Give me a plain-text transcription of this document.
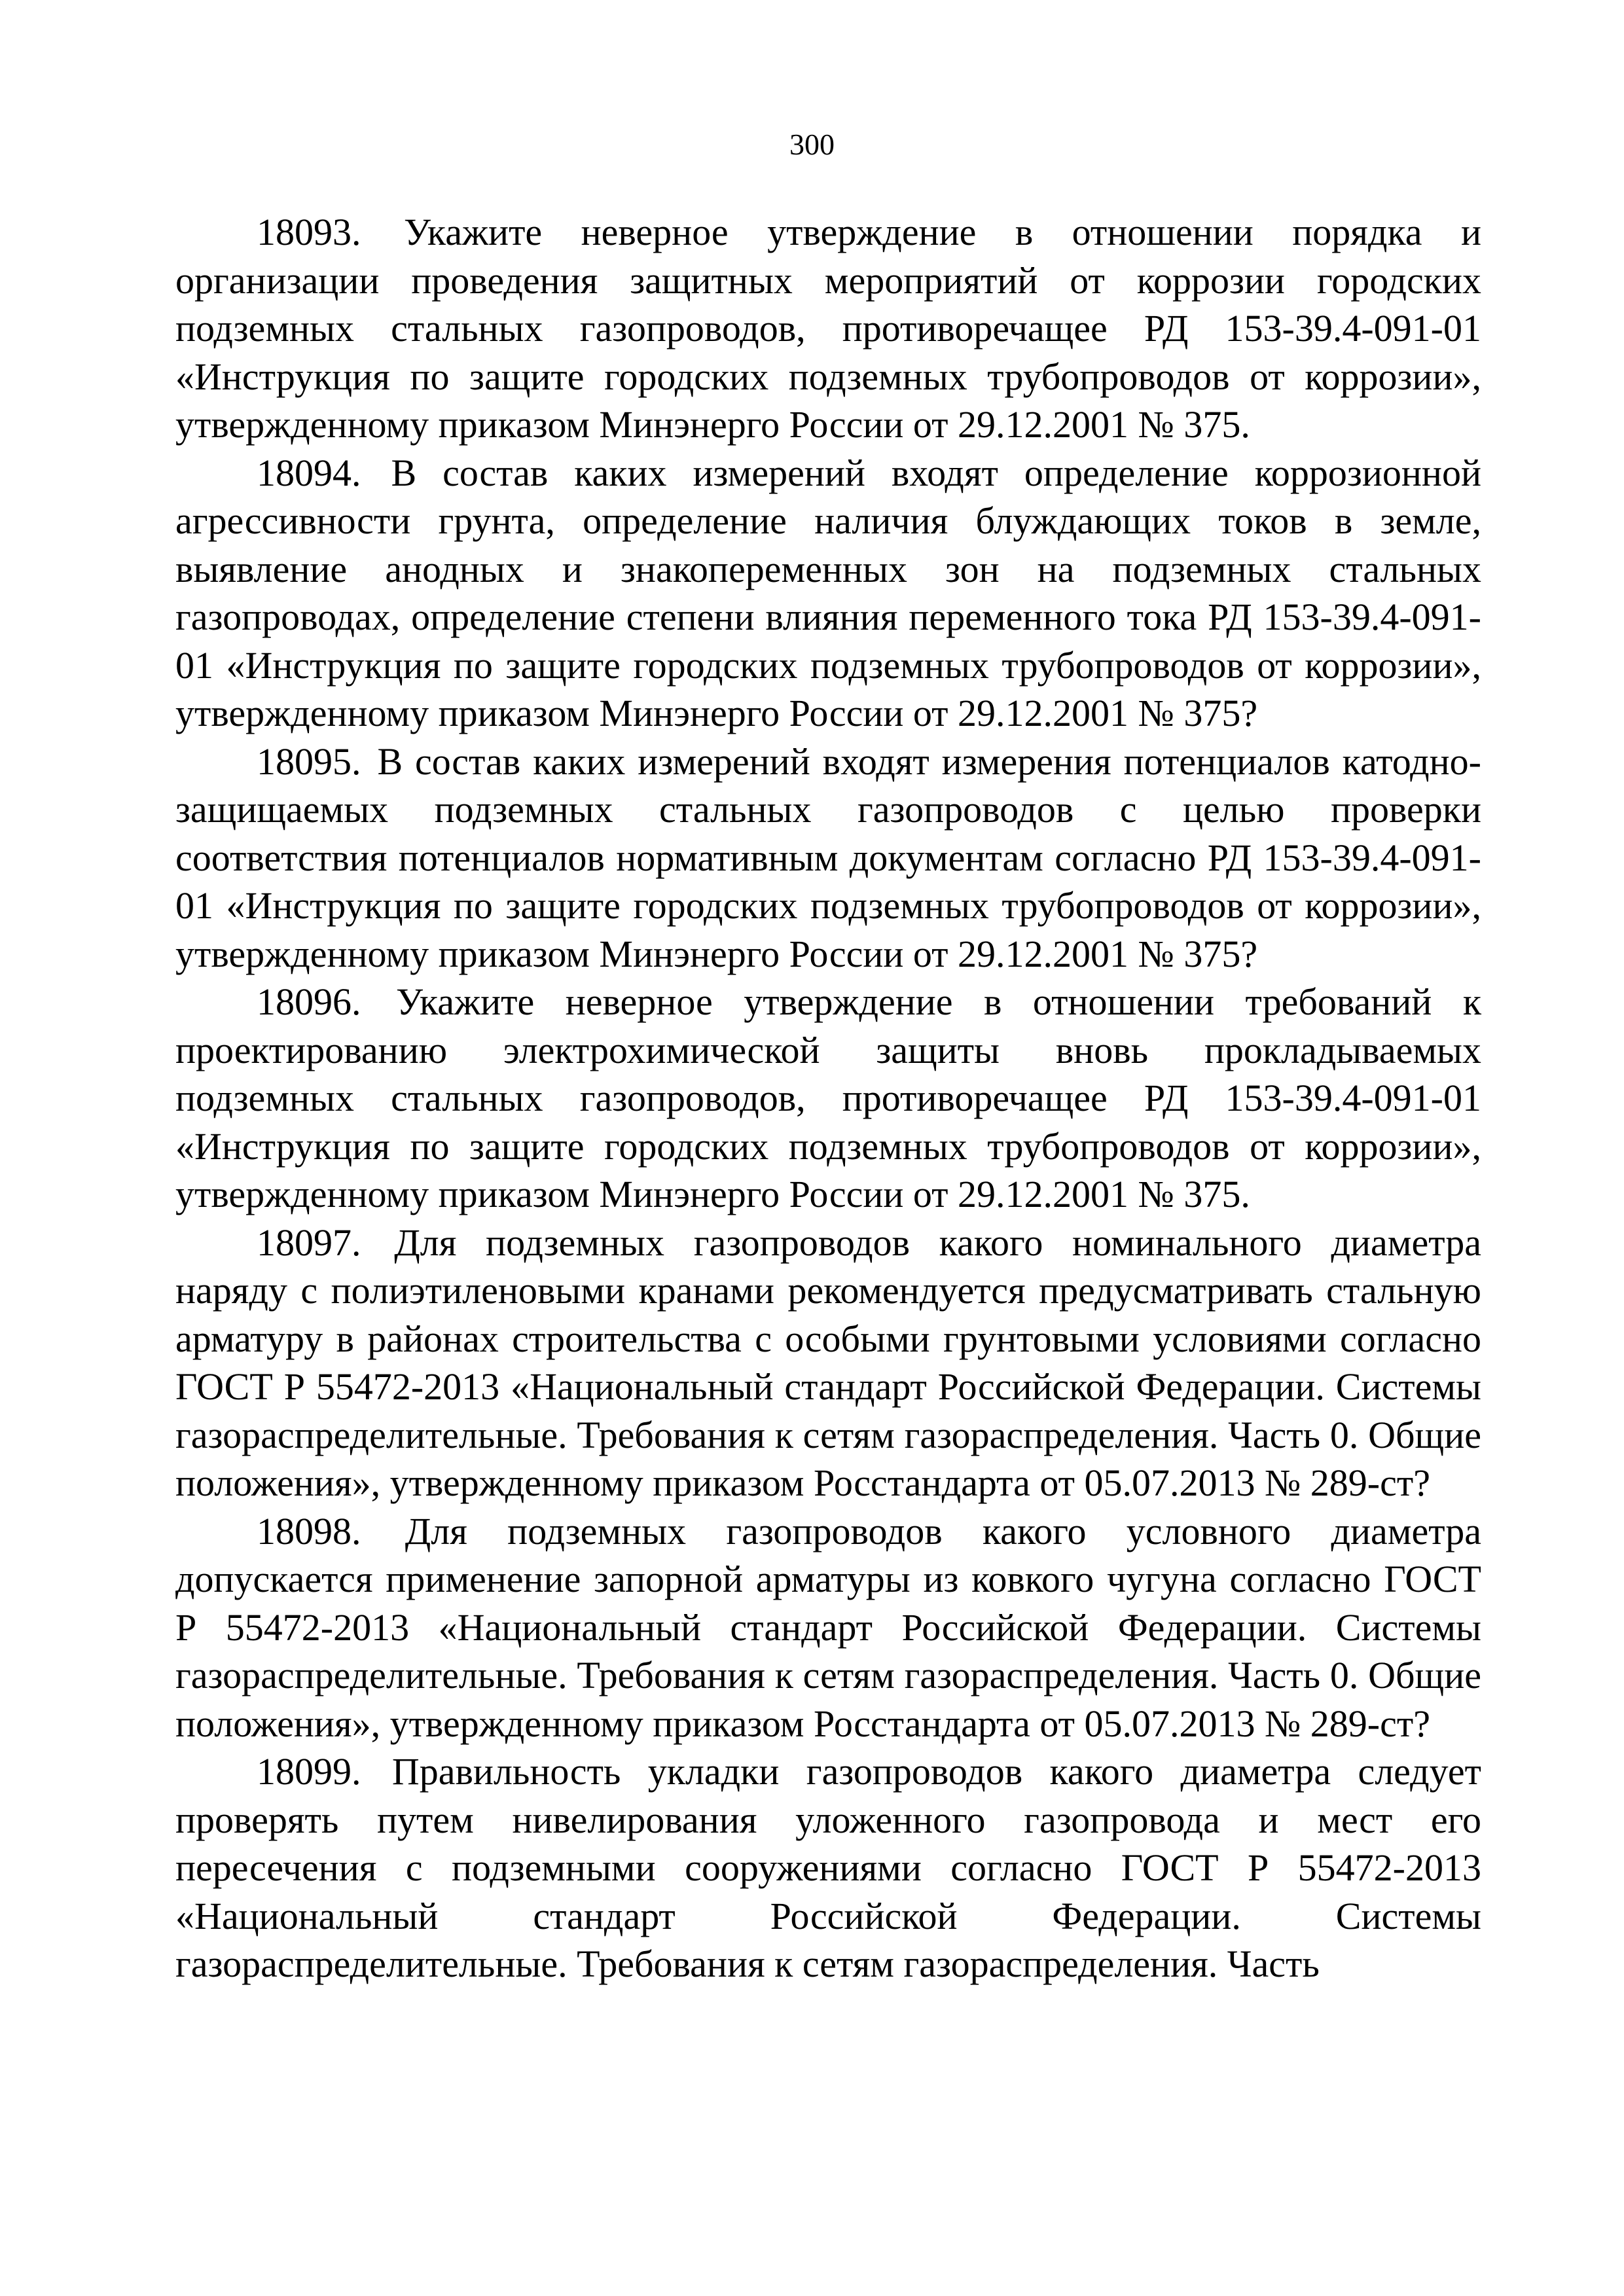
300

18093. Укажите неверное утверждение в отношении порядка и организации проведения защитных мероприятий от коррозии городских подземных стальных газопроводов, противоречащее РД 153-39.4-091-01 «Инструкция по защите городских подземных трубопроводов от коррозии», утвержденному приказом Минэнерго России от 29.12.2001 № 375.

18094. В состав каких измерений входят определение коррозионной агрессивности грунта, определение наличия блуждающих токов в земле, выявление анодных и знакопеременных зон на подземных стальных газопроводах, определение степени влияния переменного тока РД 153-39.4-091-01 «Инструкция по защите городских подземных трубопроводов от коррозии», утвержденному приказом Минэнерго России от 29.12.2001 № 375?

18095. В состав каких измерений входят измерения потенциалов катодно-защищаемых подземных стальных газопроводов с целью проверки соответствия потенциалов нормативным документам согласно РД 153-39.4-091-01 «Инструкция по защите городских подземных трубопроводов от коррозии», утвержденному приказом Минэнерго России от 29.12.2001 № 375?

18096. Укажите неверное утверждение в отношении требований к проектированию электрохимической защиты вновь прокладываемых подземных стальных газопроводов, противоречащее РД 153-39.4-091-01 «Инструкция по защите городских подземных трубопроводов от коррозии», утвержденному приказом Минэнерго России от 29.12.2001 № 375.

18097. Для подземных газопроводов какого номинального диаметра наряду с полиэтиленовыми кранами рекомендуется предусматривать стальную арматуру в районах строительства с особыми грунтовыми условиями согласно ГОСТ Р 55472-2013 «Национальный стандарт Российской Федерации. Системы газораспределительные. Требования к сетям газораспределения. Часть 0. Общие положения», утвержденному приказом Росстандарта от 05.07.2013 № 289-ст?

18098. Для подземных газопроводов какого условного диаметра допускается применение запорной арматуры из ковкого чугуна согласно ГОСТ Р 55472-2013 «Национальный стандарт Российской Федерации. Системы газораспределительные. Требования к сетям газораспределения. Часть 0. Общие положения», утвержденному приказом Росстандарта от 05.07.2013 № 289-ст?

18099. Правильность укладки газопроводов какого диаметра следует проверять путем нивелирования уложенного газопровода и мест его пересечения с подземными сооружениями согласно ГОСТ Р 55472-2013 «Национальный стандарт Российской Федерации. Системы газораспределительные. Требования к сетям газораспределения. Часть
